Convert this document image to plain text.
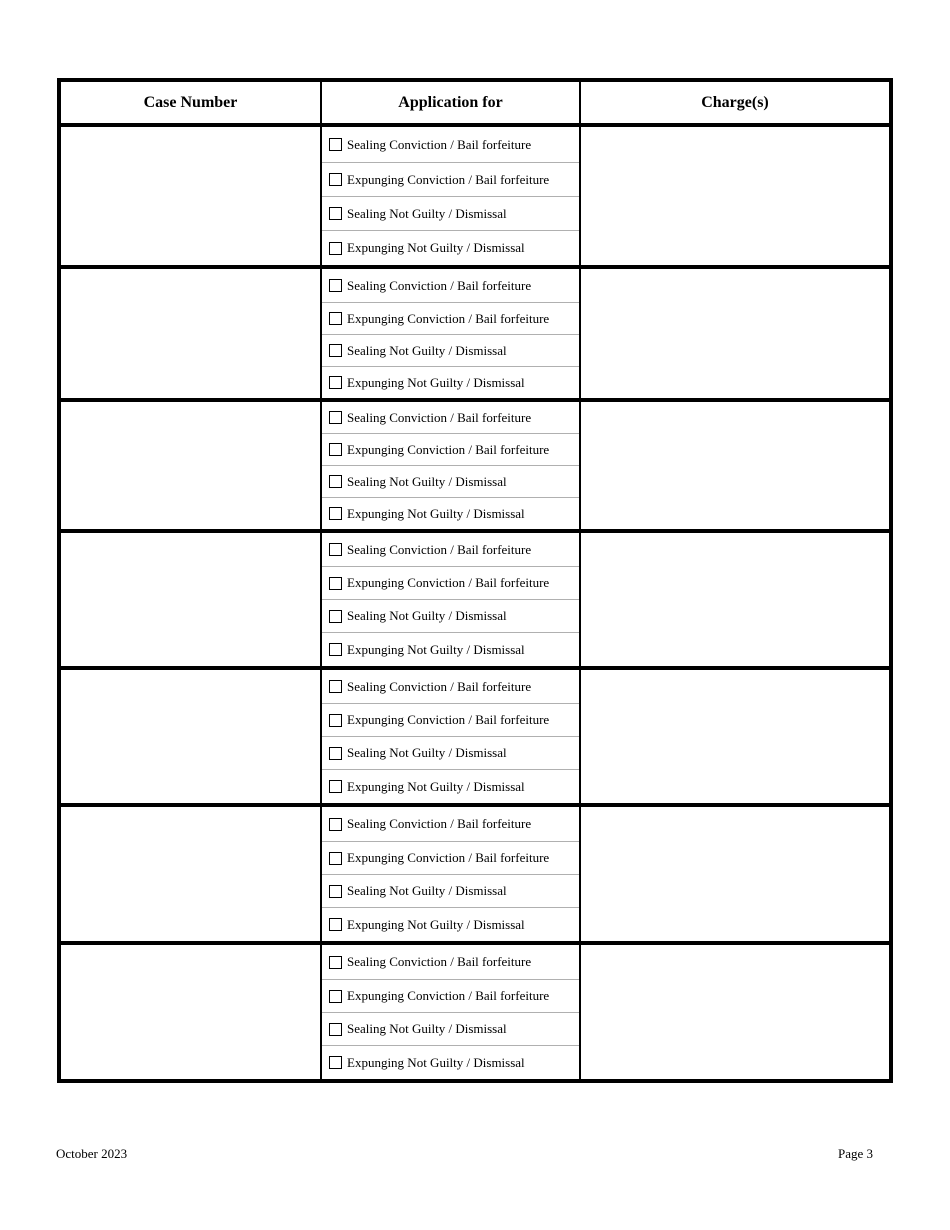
Case Number	Application for	Charge(s)

	Sealing Conviction / Bail forfeiture
Expunging Conviction / Bail forfeiture
Sealing Not Guilty / Dismissal
Expunging Not Guilty / Dismissal	

	Sealing Conviction / Bail forfeiture
Expunging Conviction / Bail forfeiture
Sealing Not Guilty / Dismissal
Expunging Not Guilty / Dismissal	

	Sealing Conviction / Bail forfeiture
Expunging Conviction / Bail forfeiture
Sealing Not Guilty / Dismissal
Expunging Not Guilty / Dismissal	

	Sealing Conviction / Bail forfeiture
Expunging Conviction / Bail forfeiture
Sealing Not Guilty / Dismissal
Expunging Not Guilty / Dismissal	

	Sealing Conviction / Bail forfeiture
Expunging Conviction / Bail forfeiture
Sealing Not Guilty / Dismissal
Expunging Not Guilty / Dismissal	

	Sealing Conviction / Bail forfeiture
Expunging Conviction / Bail forfeiture
Sealing Not Guilty / Dismissal
Expunging Not Guilty / Dismissal	

	Sealing Conviction / Bail forfeiture
Expunging Conviction / Bail forfeiture
Sealing Not Guilty / Dismissal
Expunging Not Guilty / Dismissal	

October 2023	Page 3
